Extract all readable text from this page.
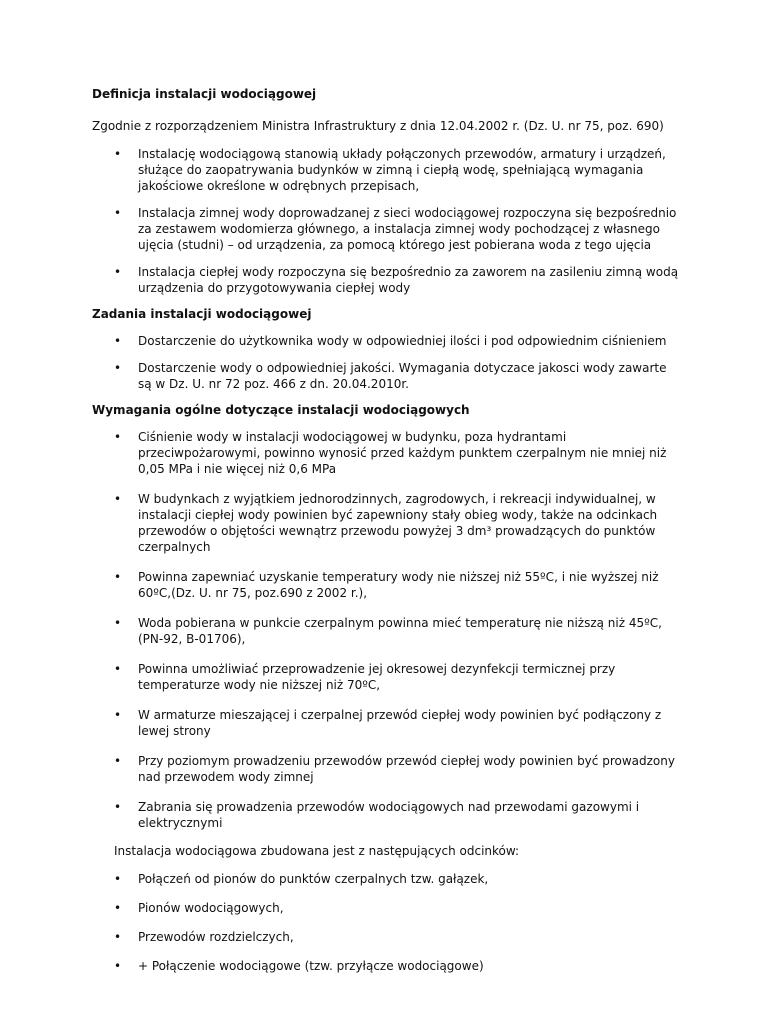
Definicja instalacji wodociągowej

Zgodnie z rozporządzeniem Ministra Infrastruktury z dnia 12.04.2002 r. (Dz. U. nr 75, poz. 690)

• Instalację wodociągową stanowią układy połączonych przewodów, armatury i urządzeń, służące do zaopatrywania budynków w zimną i ciepłą wodę, spełniającą wymagania jakościowe określone w odrębnych przepisach,
• Instalacja zimnej wody doprowadzanej z sieci wodociągowej rozpoczyna się bezpośrednio za zestawem wodomierza głównego, a instalacja zimnej wody pochodzącej z własnego ujęcia (studni) – od urządzenia, za pomocą którego jest pobierana woda z tego ujęcia
• Instalacja ciepłej wody rozpoczyna się bezpośrednio za zaworem na zasileniu zimną wodą urządzenia do przygotowywania ciepłej wody

Zadania instalacji wodociągowej

• Dostarczenie do użytkownika wody w odpowiedniej ilości i pod odpowiednim ciśnieniem
• Dostarczenie wody o odpowiedniej jakości. Wymagania dotyczace jakosci wody zawarte są w Dz. U. nr 72 poz. 466 z dn. 20.04.2010r.

Wymagania ogólne dotyczące instalacji wodociągowych

• Ciśnienie wody w instalacji wodociągowej w budynku, poza hydrantami przeciwpożarowymi, powinno wynosić przed każdym punktem czerpalnym nie mniej niż 0,05 MPa i nie więcej niż 0,6 MPa
• W budynkach z wyjątkiem jednorodzinnych, zagrodowych, i rekreacji indywidualnej, w instalacji ciepłej wody powinien być zapewniony stały obieg wody, także na odcinkach przewodów o objętości wewnątrz przewodu powyżej 3 dm³ prowadzących do punktów czerpalnych
• Powinna zapewniać uzyskanie temperatury wody nie niższej niż 55ºC, i nie wyższej niż 60ºC,(Dz. U. nr 75, poz.690 z 2002 r.),
• Woda pobierana w punkcie czerpalnym powinna mieć temperaturę nie niższą niż 45ºC, (PN-92, B-01706),
• Powinna umożliwiać przeprowadzenie jej okresowej dezynfekcji termicznej przy temperaturze wody nie niższej niż 70ºC,
• W armaturze mieszającej i czerpalnej przewód ciepłej wody powinien być podłączony z lewej strony
• Przy poziomym prowadzeniu przewodów przewód ciepłej wody powinien być prowadzony nad przewodem wody zimnej
• Zabrania się prowadzenia przewodów wodociągowych nad przewodami gazowymi i elektrycznymi

Instalacja wodociągowa zbudowana jest z następujących odcinków:

• Połączeń od pionów do punktów czerpalnych tzw. gałązek,
• Pionów wodociągowych,
• Przewodów rozdzielczych,
• + Połączenie wodociągowe (tzw. przyłącze wodociągowe)
